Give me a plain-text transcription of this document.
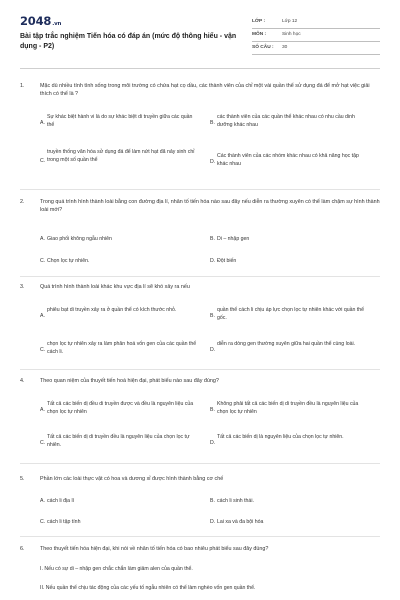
2048.vn
Bài tập trắc nghiệm Tiến hóa có đáp án (mức độ thông hiểu - vận dụng - P2)
LỚP :	Lớp 12
MÔN :	Sinh học
SỐ CÂU :	30
1.	Mặc dù nhiều tính tình sống trong môi trường có chứa hạt cọ dầu, các thành viên của chỉ một vài quần thể sử dụng đá để mở hạt việc giải thích có thể là ?
A.
Sự khác biệt hành vi là do sự khác biệt di truyền giữa các quần thể	B.
các thành viên của các quần thể khác nhau có nhu cầu dinh dưỡng khác nhau
C.
truyền thống văn hóa sử dụng đá để làm nứt hạt đã nảy sinh chỉ trong một số quần thể	D.
Các thành viên của các nhóm khác nhau có khả năng học tập khác nhau
2.	Trong quá trình hình thành loài bằng con đường địa lí, nhân tố tiến hóa nào sau đây nếu diễn ra thường xuyên có thể làm chậm sự hình thành loài mới?
A. Giao phối không ngẫu nhiên	B. Di – nhập gen
C. Chọn lọc tự nhiên.	D. Đột biến
3.	Quá trình hình thành loài khác khu vực địa lí sẽ khó xảy ra nếu
A.
phiêu bạt di truyền xảy ra ở quần thể có kích thước nhỏ.
B.
quần thể cách li chịu áp lực chọn lọc tự nhiên khác với quần thể gốc.
C.
chọn lọc tự nhiên xảy ra làm phân hoá vốn gen của các quần thể cách li.	D.
diễn ra dòng gen thường xuyên giữa hai quần thể cùng loài.
4.	Theo quan niệm của thuyết tiến hoá hiện đại, phát biểu nào sau đây đúng?
A.
Tất cả các biến dị đều di truyền được và đều là nguyên liệu của chọn lọc tự nhiên	B.
Không phải tất cả các biến dị di truyền đều là nguyên liệu của chọn lọc tự nhiên
C.
Tất cả các biến dị di truyền đều là nguyên liệu của chọn lọc tự nhiên.	D.
Tất cả các biến dị là nguyên liệu của chọn lọc tự nhiên.
5.	Phần lớn các loài thực vật có hoa và dương xỉ được hình thành bằng cơ chế
A. cách li địa lí	B. cách li sinh thái.
C. cách li tập tính	D. Lai xa và đa bội hóa
6.	Theo thuyết tiến hóa hiện đại, khi nói về nhân tố tiến hóa có bao nhiêu phát biểu sau đây đúng?
I. Nếu có sự di – nhập gen chắc chắn làm giảm alen của quần thể.
II. Nếu quần thể chịu tác động của các yếu tố ngẫu nhiên có thể làm nghèo vốn gen quần thể.
